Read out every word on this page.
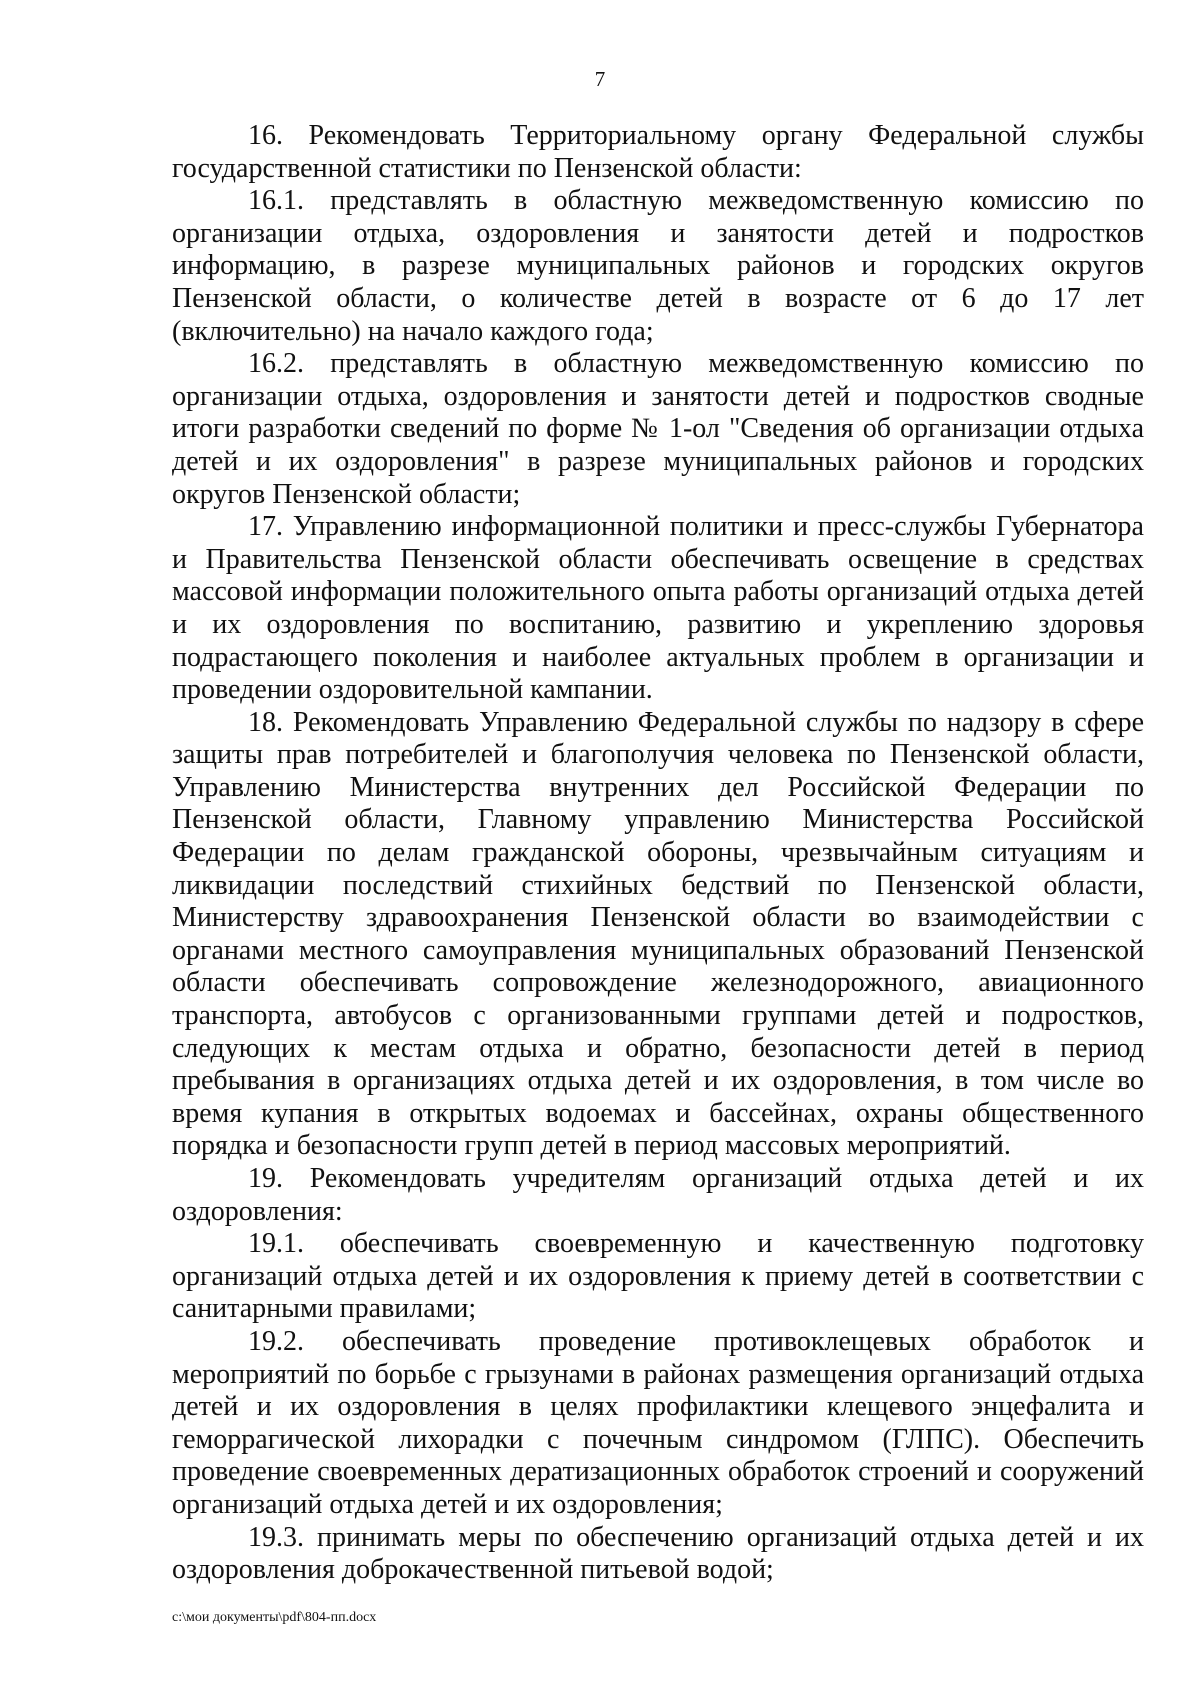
7

16. Рекомендовать Территориальному органу Федеральной службы государственной статистики по Пензенской области:

16.1. представлять в областную межведомственную комиссию по организации отдыха, оздоровления и занятости детей и подростков информацию, в разрезе муниципальных районов и городских округов Пензенской области, о количестве детей в возрасте от 6 до 17 лет (включительно) на начало каждого года;

16.2. представлять в областную межведомственную комиссию по организации отдыха, оздоровления и занятости детей и подростков сводные итоги разработки сведений по форме № 1-ол "Сведения об организации отдыха детей и их оздоровления" в разрезе муниципальных районов и городских округов Пензенской области;

17. Управлению информационной политики и пресс-службы Губернатора и Правительства Пензенской области обеспечивать освещение в средствах массовой информации положительного опыта работы организаций отдыха детей и их оздоровления по воспитанию, развитию и укреплению здоровья подрастающего поколения и наиболее актуальных проблем в организации и проведении оздоровительной кампании.

18. Рекомендовать Управлению Федеральной службы по надзору в сфере защиты прав потребителей и благополучия человека по Пензенской области, Управлению Министерства внутренних дел Российской Федерации по Пензенской области, Главному управлению Министерства Российской Федерации по делам гражданской обороны, чрезвычайным ситуациям и ликвидации последствий стихийных бедствий по Пензенской области, Министерству здравоохранения Пензенской области во взаимодействии с органами местного самоуправления муниципальных образований Пензенской области обеспечивать сопровождение железнодорожного, авиационного транспорта, автобусов с организованными группами детей и подростков, следующих к местам отдыха и обратно, безопасности детей в период пребывания в организациях отдыха детей и их оздоровления, в том числе во время купания в открытых водоемах и бассейнах, охраны общественного порядка и безопасности групп детей в период массовых мероприятий.

19. Рекомендовать учредителям организаций отдыха детей и их оздоровления:

19.1. обеспечивать своевременную и качественную подготовку организаций отдыха детей и их оздоровления к приему детей в соответствии с санитарными правилами;

19.2. обеспечивать проведение противоклещевых обработок и мероприятий по борьбе с грызунами в районах размещения организаций отдыха детей и их оздоровления в целях профилактики клещевого энцефалита и геморрагической лихорадки с почечным синдромом (ГЛПС). Обеспечить проведение своевременных дератизационных обработок строений и сооружений организаций отдыха детей и их оздоровления;

19.3. принимать меры по обеспечению организаций отдыха детей и их оздоровления доброкачественной питьевой водой;

c:\мои документы\pdf\804-пп.docx
